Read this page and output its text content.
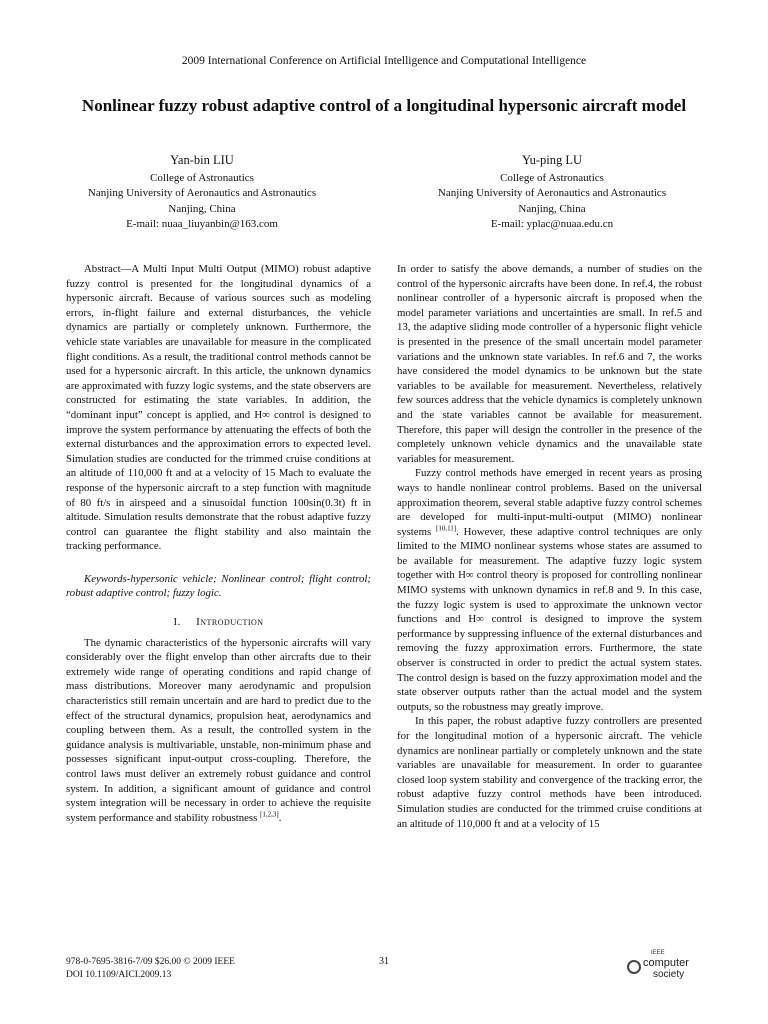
2009 International Conference on Artificial Intelligence and Computational Intelligence
Nonlinear fuzzy robust adaptive control of a longitudinal hypersonic aircraft model
Yan-bin LIU
College of Astronautics
Nanjing University of Aeronautics and Astronautics
Nanjing, China
E-mail: nuaa_liuyanbin@163.com
Yu-ping LU
College of Astronautics
Nanjing University of Aeronautics and Astronautics
Nanjing, China
E-mail: yplac@nuaa.edu.cn

Abstract—A Multi Input Multi Output (MIMO) robust adaptive fuzzy control is presented for the longitudinal dynamics of a hypersonic aircraft. Because of various sources such as modeling errors, in-flight failure and external disturbances, the vehicle dynamics are partially or completely unknown. Furthermore, the vehicle state variables are unavailable for measure in the complicated flight conditions. As a result, the traditional control methods cannot be used for a hypersonic aircraft. In this article, the unknown dynamics are approximated with fuzzy logic systems, and the state observers are constructed for estimating the state variables. In addition, the “dominant input” concept is applied, and H∞ control is designed to improve the system performance by attenuating the effects of both the external disturbances and the approximation errors to expected level. Simulation studies are conducted for the trimmed cruise conditions at an altitude of 110,000 ft and at a velocity of 15 Mach to evaluate the response of the hypersonic aircraft to a step function with magnitude of 80 ft/s in airspeed and a sinusoidal function 100sin(0.3t) ft in altitude. Simulation results demonstrate that the robust adaptive fuzzy control can guarantee the flight stability and also maintain the tracking performance.

Keywords-hypersonic vehicle; Nonlinear control; flight control; robust adaptive control; fuzzy logic.

I. Introduction

The dynamic characteristics of the hypersonic aircrafts will vary considerably over the flight envelop than other aircrafts due to their extremely wide range of operating conditions and rapid change of mass distributions. Moreover many aerodynamic and propulsion characteristics still remain uncertain and are hard to predict due to the effect of the structural dynamics, propulsion heat, aerodynamics and coupling between them. As a result, the controlled system in the guidance analysis is multivariable, unstable, non-minimum phase and possesses significant input-output cross-coupling. Therefore, the control laws must deliver an extremely robust guidance and control system. In addition, a significant amount of guidance and control system integration will be necessary in order to achieve the requisite system performance and stability robustness [1,2,3].

In order to satisfy the above demands, a number of studies on the control of the hypersonic aircrafts have been done. In ref.4, the robust nonlinear controller of a hypersonic aircraft is proposed when the model parameter variations and uncertainties are small. In ref.5 and 13, the adaptive sliding mode controller of a hypersonic flight vehicle is presented in the presence of the small uncertain model parameter variations and the unknown state variables. In ref.6 and 7, the works have considered the model dynamics to be unknown but the state variables to be available for measurement. Nevertheless, relatively few sources address that the vehicle dynamics is completely unknown and the state variables cannot be available for measurement. Therefore, this paper will design the controller in the presence of the completely unknown vehicle dynamics and the unavailable state variables for measurement.

Fuzzy control methods have emerged in recent years as prosing ways to handle nonlinear control problems. Based on the universal approximation theorem, several stable adaptive fuzzy control schemes are developed for multi-input-multi-output (MIMO) nonlinear systems [10,11]. However, these adaptive control techniques are only limited to the MIMO nonlinear systems whose states are assumed to be available for measurement. The adaptive fuzzy logic system together with H∞ control theory is proposed for controlling nonlinear MIMO systems with unknown dynamics in ref.8 and 9. In this case, the fuzzy logic system is used to approximate the unknown vector functions and H∞ control is designed to improve the system performance by suppressing influence of the external disturbances and removing the fuzzy approximation errors. Furthermore, the state observer is constructed in order to predict the actual system states. The control design is based on the fuzzy approximation model and the state observer outputs rather than the actual model and the system outputs, so the robustness may greatly improve.

In this paper, the robust adaptive fuzzy controllers are presented for the longitudinal motion of a hypersonic aircraft. The vehicle dynamics are nonlinear partially or completely unknown and the state variables are unavailable for measurement. In order to guarantee closed loop system stability and convergence of the tracking error, the robust adaptive fuzzy control methods have been introduced. Simulation studies are conducted for the trimmed cruise conditions at an altitude of 110,000 ft and at a velocity of 15

978-0-7695-3816-7/09 $26.00 © 2009 IEEE
DOI 10.1109/AICI.2009.13
31
IEEE
computer
society
